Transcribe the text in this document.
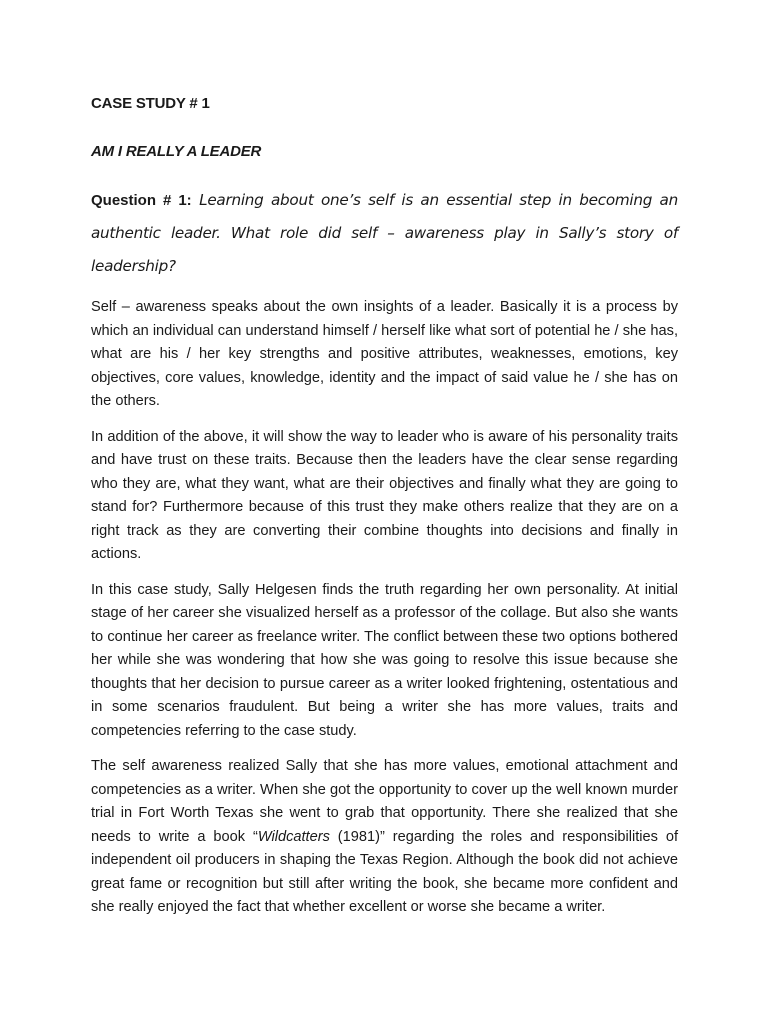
CASE STUDY # 1
AM I REALLY A LEADER

Question # 1: Learning about one’s self is an essential step in becoming an authentic leader. What role did self – awareness play in Sally’s story of leadership?

Self – awareness speaks about the own insights of a leader. Basically it is a process by which an individual can understand himself / herself like what sort of potential he / she has, what are his / her key strengths and positive attributes, weaknesses, emotions, key objectives, core values, knowledge, identity and the impact of said value he / she has on the others.

In addition of the above, it will show the way to leader who is aware of his personality traits and have trust on these traits. Because then the leaders have the clear sense regarding who they are, what they want, what are their objectives and finally what they are going to stand for? Furthermore because of this trust they make others realize that they are on a right track as they are converting their combine thoughts into decisions and finally in actions.

In this case study, Sally Helgesen finds the truth regarding her own personality. At initial stage of her career she visualized herself as a professor of the collage. But also she wants to continue her career as freelance writer. The conflict between these two options bothered her while she was wondering that how she was going to resolve this issue because she thoughts that her decision to pursue career as a writer looked frightening, ostentatious and in some scenarios fraudulent. But being a writer she has more values, traits and competencies referring to the case study.

The self awareness realized Sally that she has more values, emotional attachment and competencies as a writer. When she got the opportunity to cover up the well known murder trial in Fort Worth Texas she went to grab that opportunity. There she realized that she needs to write a book “Wildcatters (1981)” regarding the roles and responsibilities of independent oil producers in shaping the Texas Region. Although the book did not achieve great fame or recognition but still after writing the book, she became more confident and she really enjoyed the fact that whether excellent or worse she became a writer.
